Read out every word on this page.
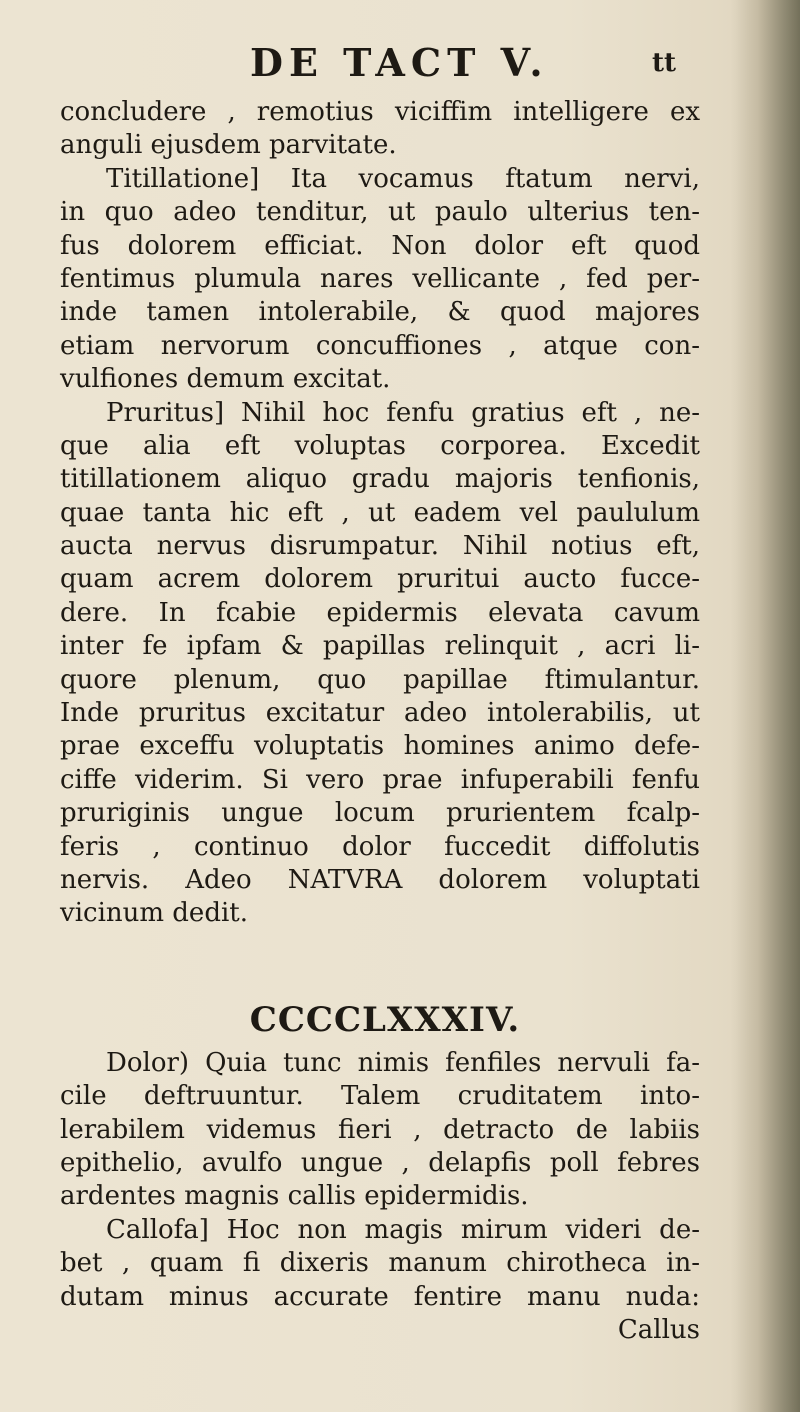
DE TACT V.	tt
concludere , remotius viciffim intelligere ex
anguli ejusdem parvitate.
Titillatione] Ita vocamus ftatum nervi,
in quo adeo tenditur, ut paulo ulterius ten-
fus dolorem efficiat. Non dolor eft quod
fentimus plumula nares vellicante , fed per-
inde tamen intolerabile, & quod majores
etiam nervorum concuffiones , atque con-
vulfiones demum excitat.
Pruritus] Nihil hoc fenfu gratius eft , ne-
que alia eft voluptas corporea. Excedit
titillationem aliquo gradu majoris tenfionis,
quae tanta hic eft , ut eadem vel paululum
aucta nervus disrumpatur. Nihil notius eft,
quam acrem dolorem prurituі aucto fucce-
dere. In fcabie epidermis elevata cavum
inter fe ipfam & papillas relinquit , acri li-
quore plenum, quo papillae ftimulantur.
Inde pruritus excitatur adeo intolerabilis, ut
prae exceffu voluptatis homines animo defe-
ciffe viderim. Si vero prae infuperabili fenfu
pruriginis ungue locum prurientem fcalp-
feris , continuo dolor fuccedit diffolutis
nervis. Adeo NATVRA dolorem voluptati
vicinum dedit.
CCCCLXXXIV.
Dolor) Quia tunc nimis fenfiles nervuli fa-
cile deftruuntur. Talem cruditatem into-
lerabilem videmus fieri , detracto de labiis
epithelio, avulfo ungue , delapfis poll febres
ardentes magnis callis epidermidis.
Callofa] Hoc non magis mirum videri de-
bet , quam fi dixeris manum chirotheca in-
dutam minus accurate fentire manu nuda:
Callus
